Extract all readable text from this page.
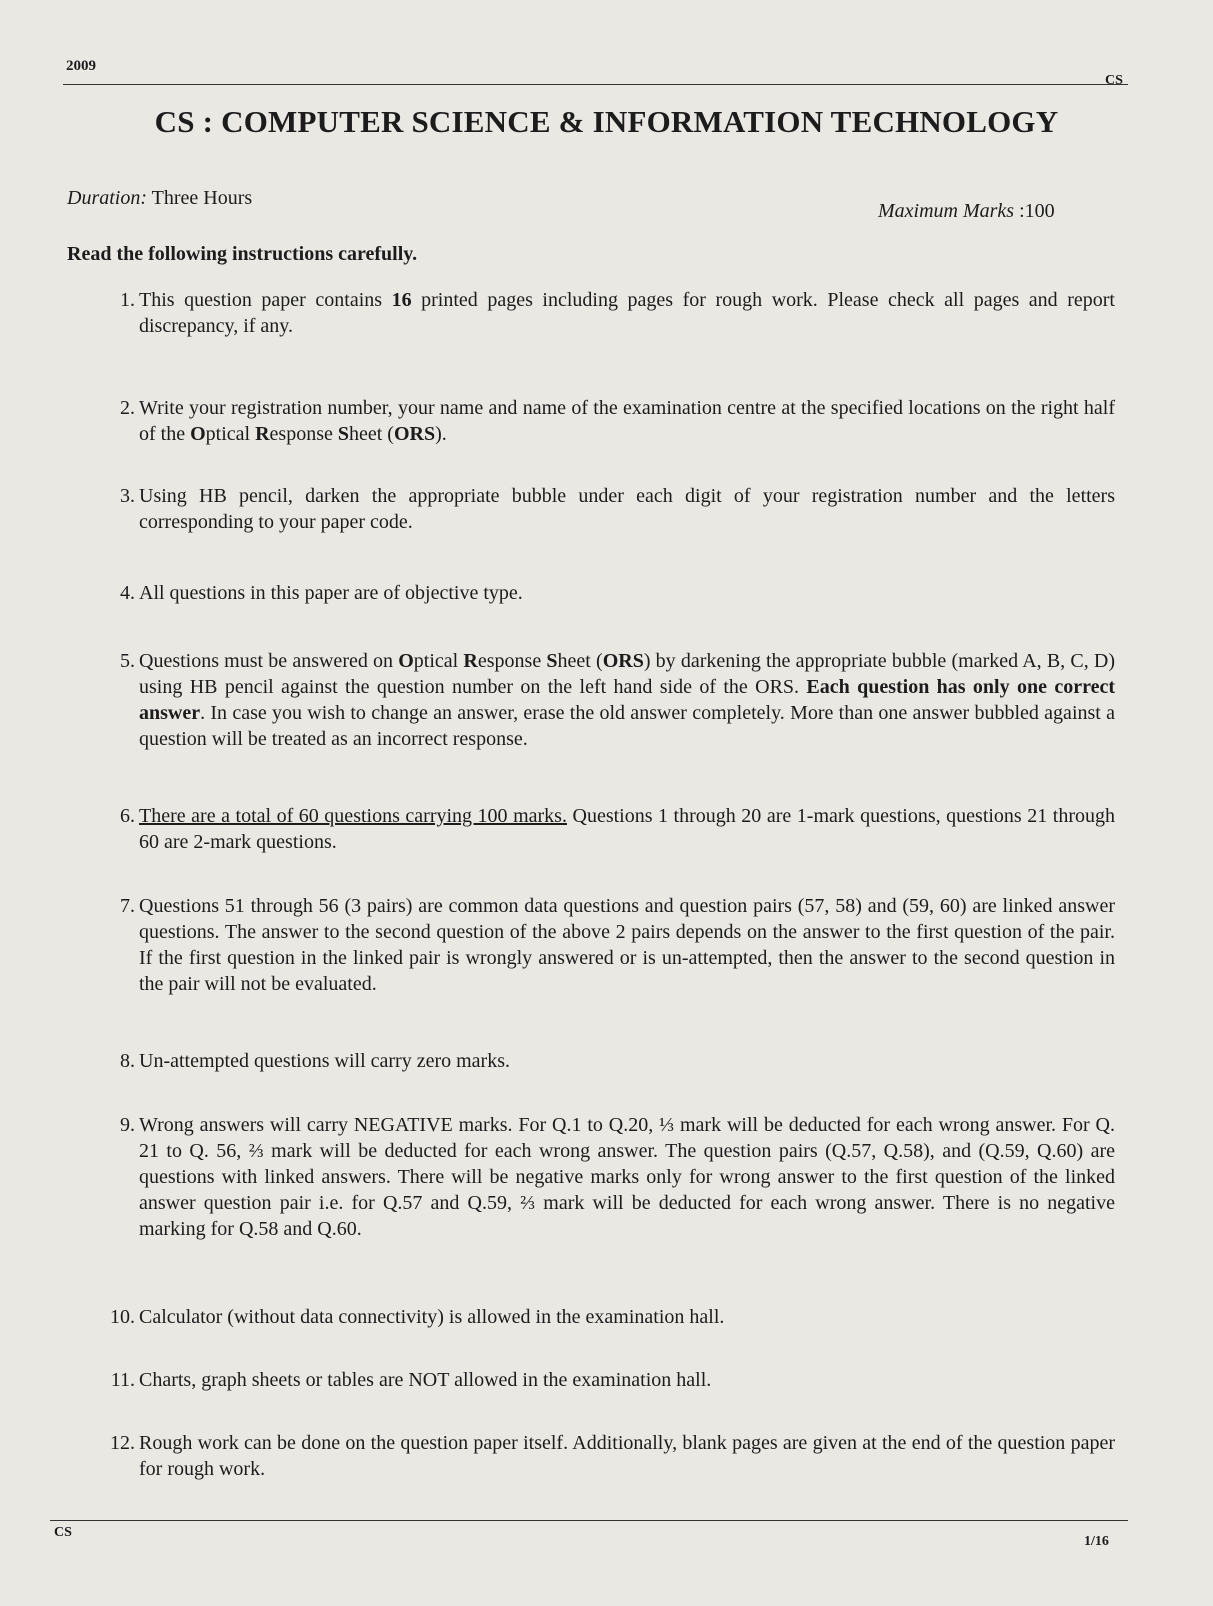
2009
CS
CS : COMPUTER SCIENCE & INFORMATION TECHNOLOGY
Duration: Three Hours
Maximum Marks :100
Read the following instructions carefully.
1. This question paper contains 16 printed pages including pages for rough work. Please check all pages and report discrepancy, if any.
2. Write your registration number, your name and name of the examination centre at the specified locations on the right half of the Optical Response Sheet (ORS).
3. Using HB pencil, darken the appropriate bubble under each digit of your registration number and the letters corresponding to your paper code.
4. All questions in this paper are of objective type.
5. Questions must be answered on Optical Response Sheet (ORS) by darkening the appropriate bubble (marked A, B, C, D) using HB pencil against the question number on the left hand side of the ORS. Each question has only one correct answer. In case you wish to change an answer, erase the old answer completely. More than one answer bubbled against a question will be treated as an incorrect response.
6. There are a total of 60 questions carrying 100 marks. Questions 1 through 20 are 1-mark questions, questions 21 through 60 are 2-mark questions.
7. Questions 51 through 56 (3 pairs) are common data questions and question pairs (57, 58) and (59, 60) are linked answer questions. The answer to the second question of the above 2 pairs depends on the answer to the first question of the pair. If the first question in the linked pair is wrongly answered or is un-attempted, then the answer to the second question in the pair will not be evaluated.
8. Un-attempted questions will carry zero marks.
9. Wrong answers will carry NEGATIVE marks. For Q.1 to Q.20, ⅓ mark will be deducted for each wrong answer. For Q. 21 to Q. 56, ⅔ mark will be deducted for each wrong answer. The question pairs (Q.57, Q.58), and (Q.59, Q.60) are questions with linked answers. There will be negative marks only for wrong answer to the first question of the linked answer question pair i.e. for Q.57 and Q.59, ⅔ mark will be deducted for each wrong answer. There is no negative marking for Q.58 and Q.60.
10. Calculator (without data connectivity) is allowed in the examination hall.
11. Charts, graph sheets or tables are NOT allowed in the examination hall.
12. Rough work can be done on the question paper itself. Additionally, blank pages are given at the end of the question paper for rough work.
CS
1/16
